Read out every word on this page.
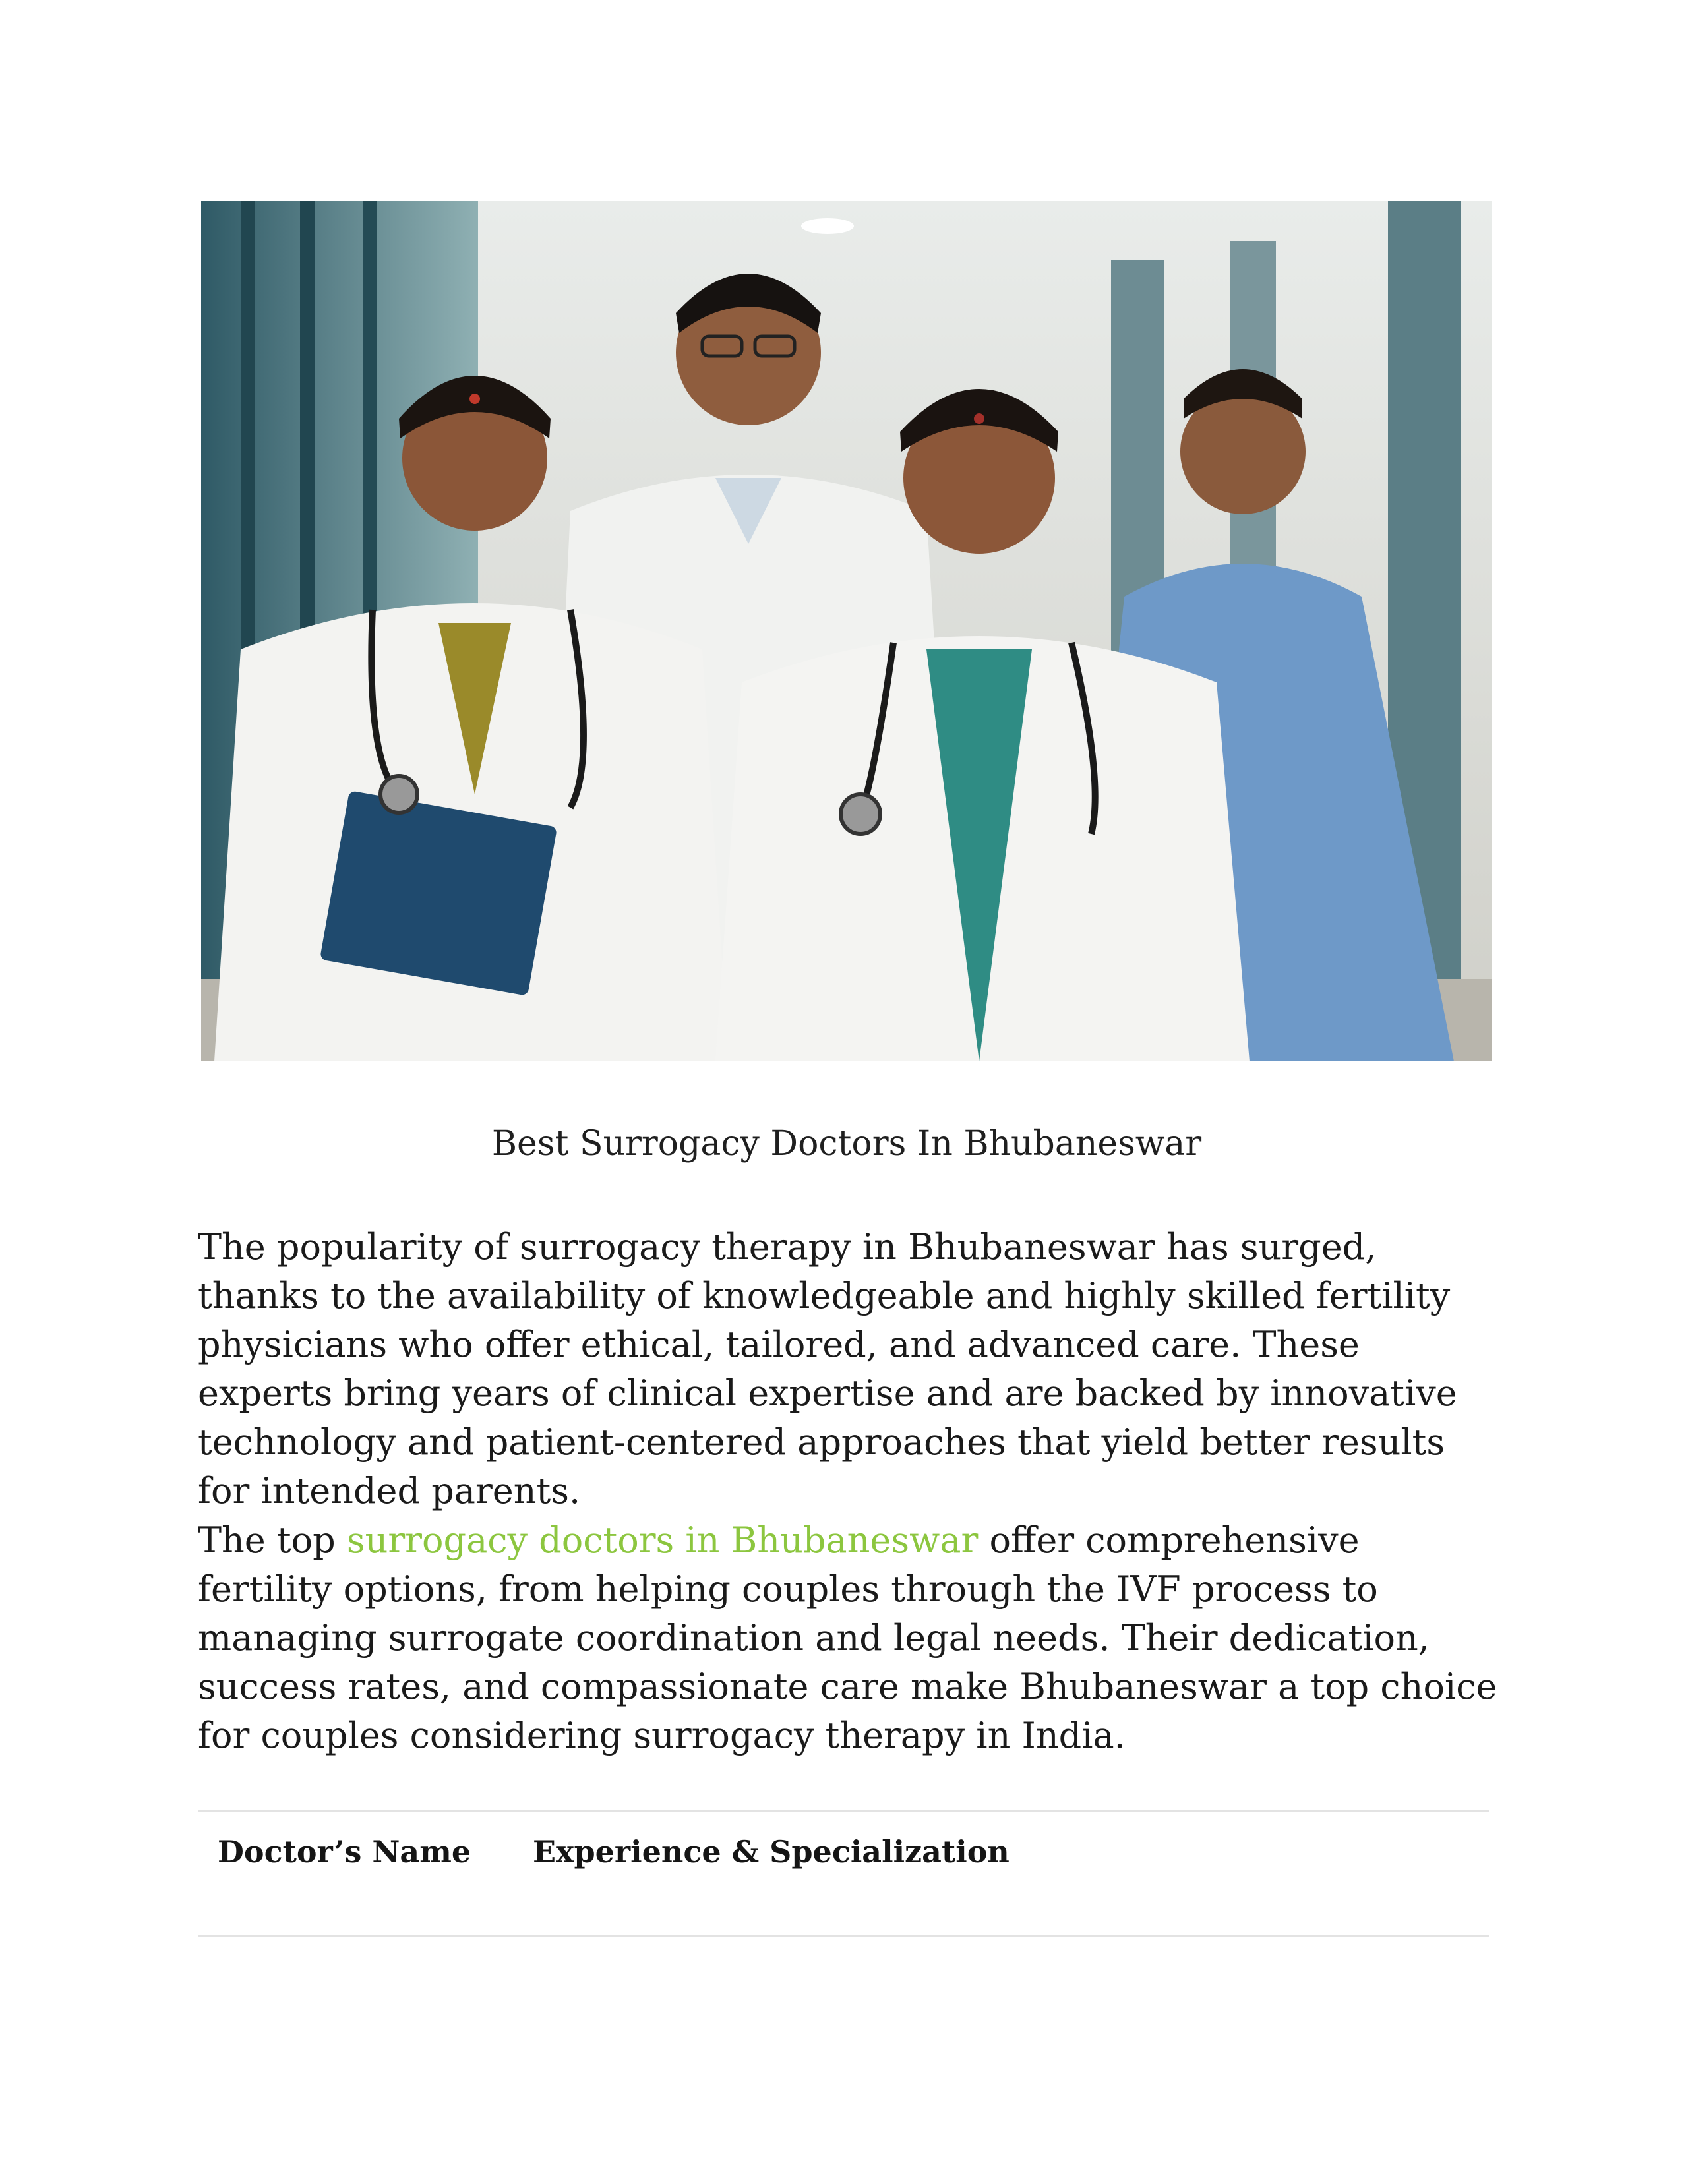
Best Surrogacy Doctors In Bhubaneswar

The popularity of surrogacy therapy in Bhubaneswar has surged, thanks to the availability of knowledgeable and highly skilled fertility physicians who offer ethical, tailored, and advanced care. These experts bring years of clinical expertise and are backed by innovative technology and patient-centered approaches that yield better results for intended parents.

The top surrogacy doctors in Bhubaneswar offer comprehensive fertility options, from helping couples through the IVF process to managing surrogate coordination and legal needs. Their dedication, success rates, and compassionate care make Bhubaneswar a top choice for couples considering surrogacy therapy in India.

Doctor’s Name Experience & Specialization
